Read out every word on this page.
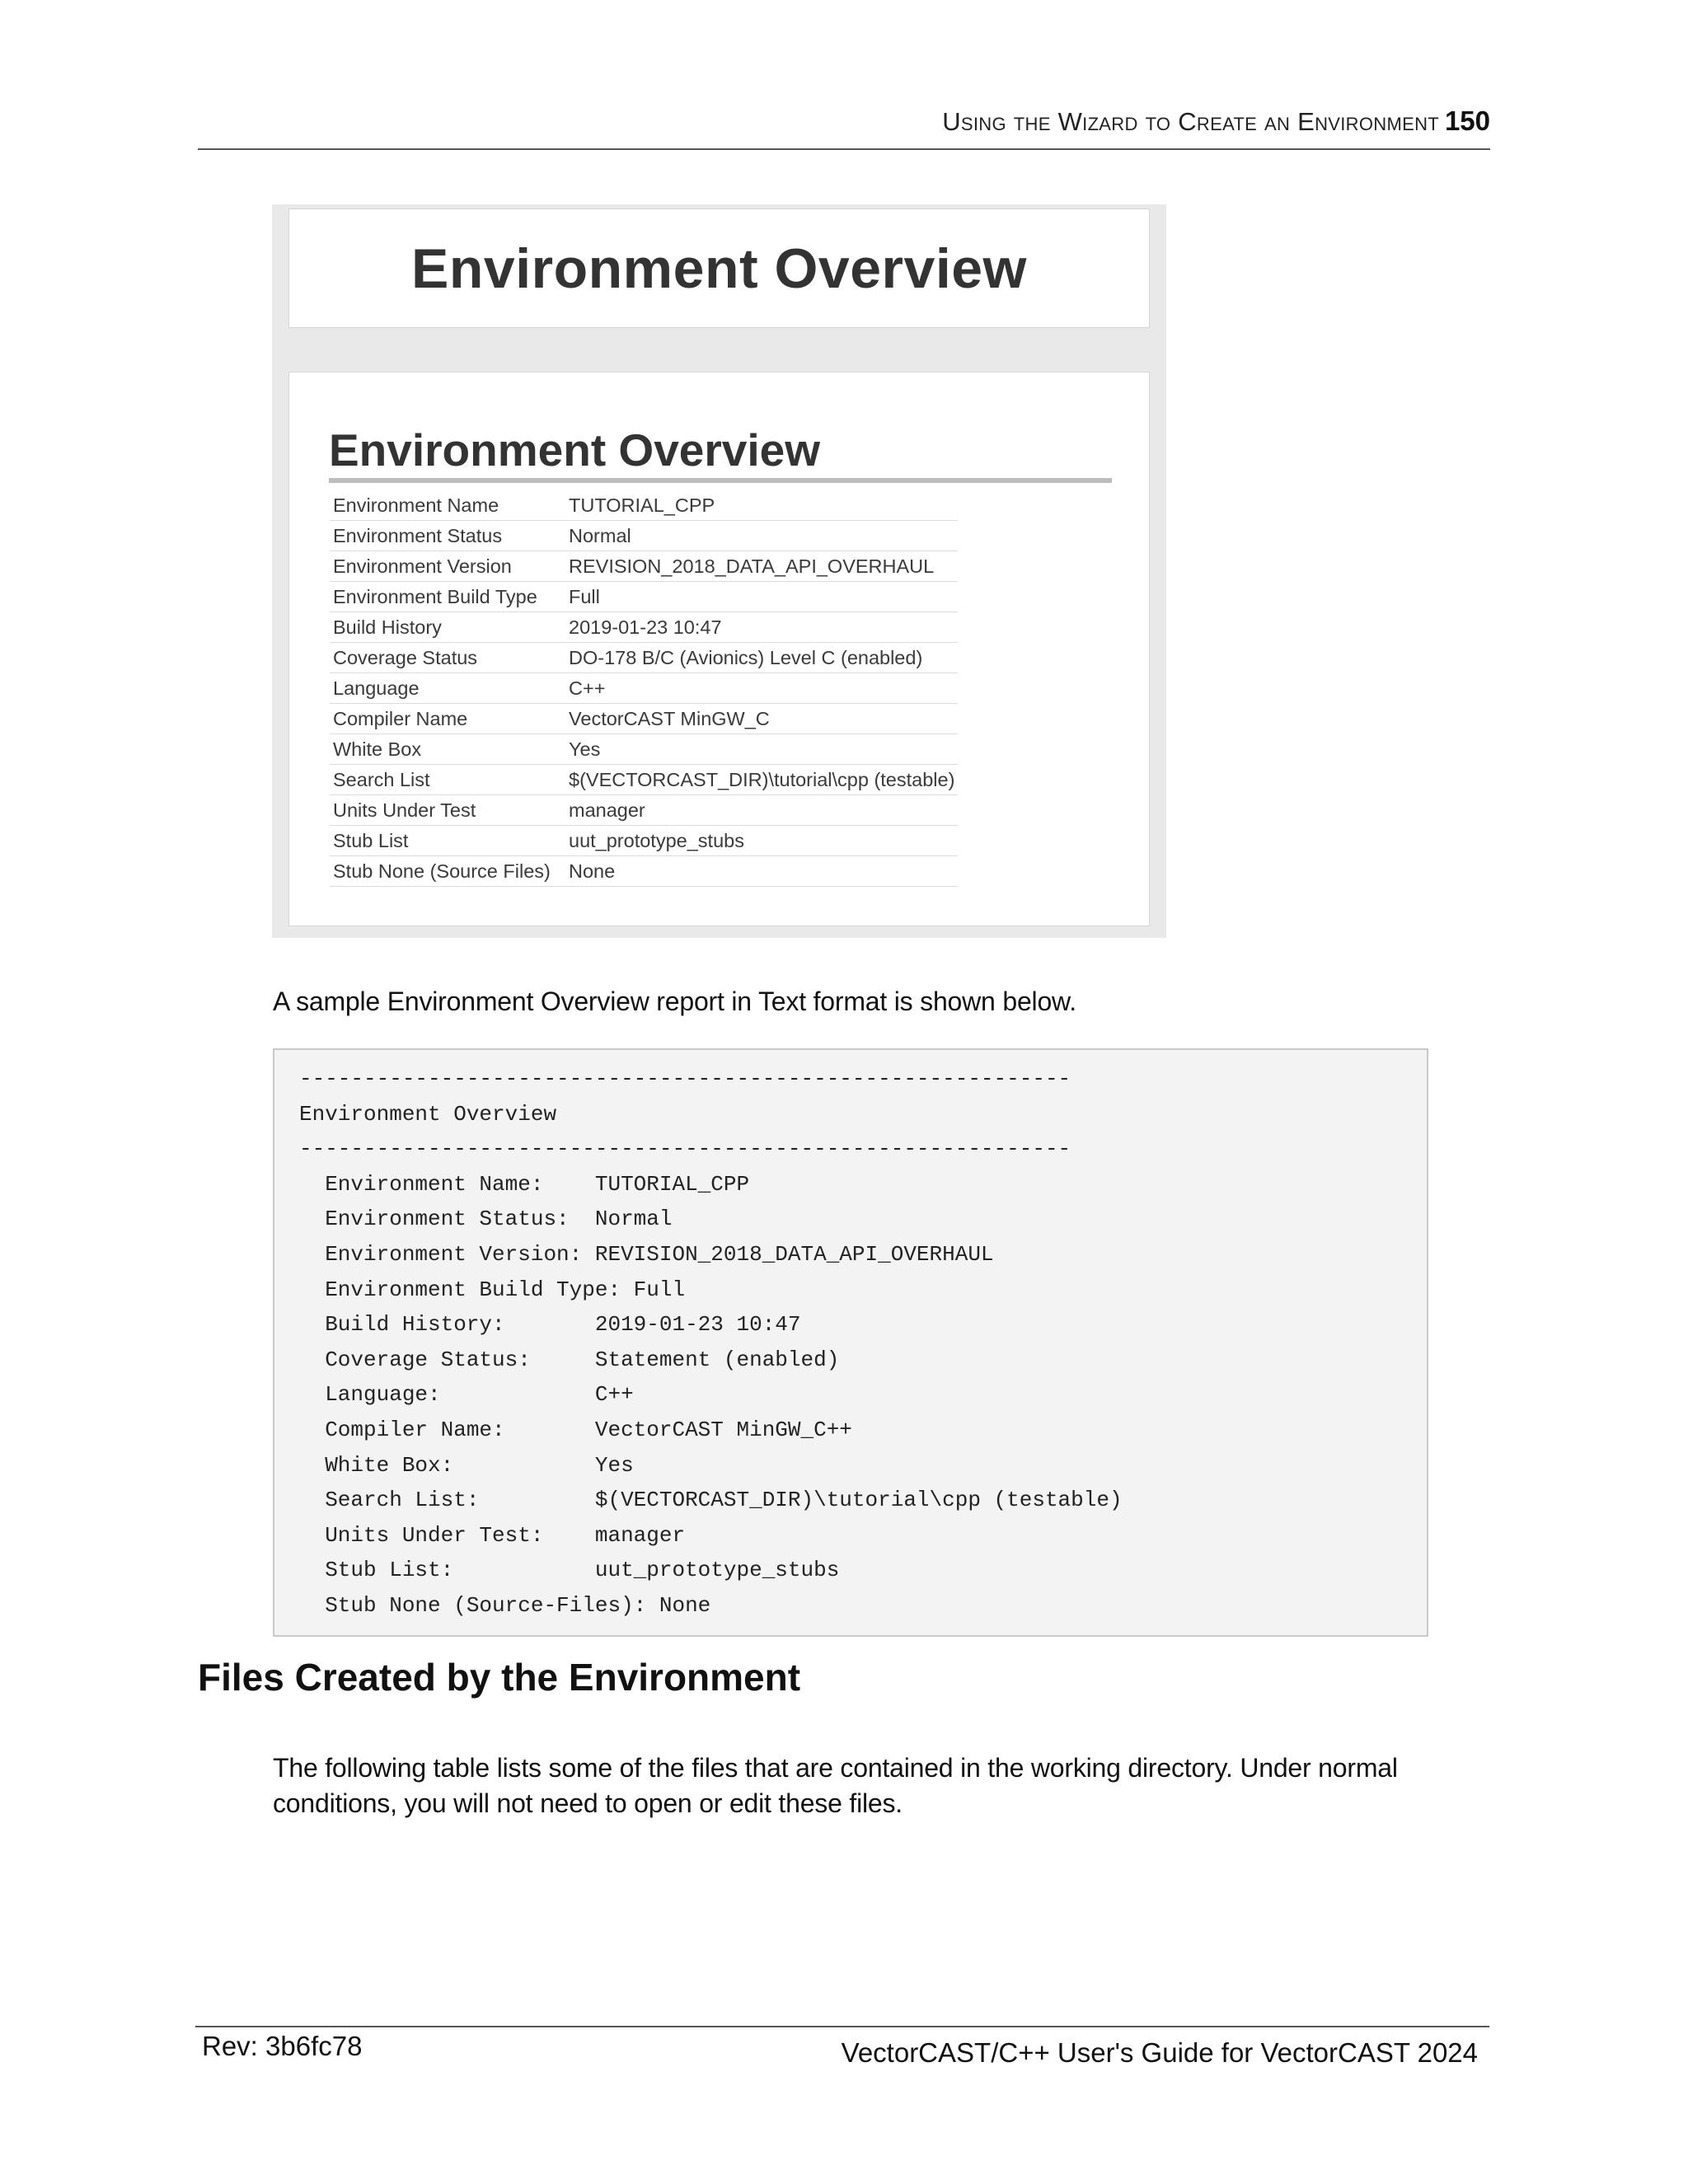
Using the Wizard to Create an Environment 150
Environment Overview
Environment Overview
Environment Name	TUTORIAL_CPP
Environment Status	Normal
Environment Version	REVISION_2018_DATA_API_OVERHAUL
Environment Build Type	Full
Build History	2019-01-23 10:47
Coverage Status	DO-178 B/C (Avionics) Level C (enabled)
Language	C++
Compiler Name	VectorCAST MinGW_C
White Box	Yes
Search List	$(VECTORCAST_DIR)\tutorial\cpp (testable)
Units Under Test	manager
Stub List	uut_prototype_stubs
Stub None (Source Files)	None
A sample Environment Overview report in Text format is shown below.
------------------------------------------------------------
Environment Overview
------------------------------------------------------------
Environment Name:    TUTORIAL_CPP
Environment Status:  Normal
Environment Version: REVISION_2018_DATA_API_OVERHAUL
Environment Build Type: Full
Build History:       2019-01-23 10:47
Coverage Status:     Statement (enabled)
Language:            C++
Compiler Name:       VectorCAST MinGW_C++
White Box:           Yes
Search List:         $(VECTORCAST_DIR)\tutorial\cpp (testable)
Units Under Test:    manager
Stub List:           uut_prototype_stubs
Stub None (Source-Files): None
Files Created by the Environment
The following table lists some of the files that are contained in the working directory. Under normal conditions, you will not need to open or edit these files.
Rev: 3b6fc78	VectorCAST/C++ User's Guide for VectorCAST 2024
